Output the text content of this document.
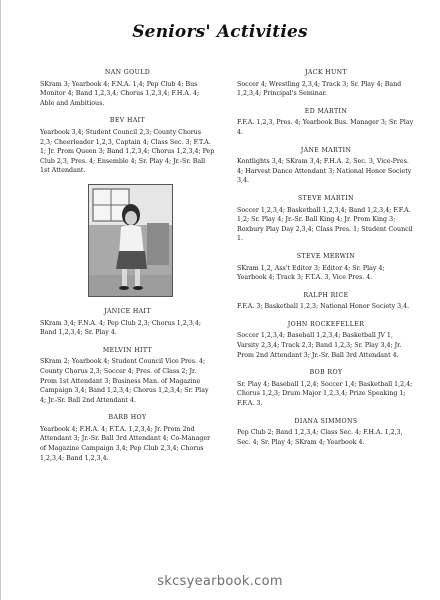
Seniors' Activities
NAN GOULD
SKram 3; Yearbook 4; F.N.A. 1,4; Pep Club 4; Bus Monitor 4; Band 1,2,3,4; Chorus 1,2,3,4; F.H.A. 4; Able and Ambitious.
BEV HAIT
Yearbook 3,4; Student Council 2,3; County Chorus 2,3; Cheerleader 1,2,3, Captain 4; Class Sec. 3; F.T.A. 1; Jr. Prom Queen 3; Band 1,2,3,4; Chorus 1,2,3,4; Pep Club 2,3, Pres. 4; Ensemble 4; Sr. Play 4; Jr.-Sr. Ball 1st Attendant.
JANICE HAIT
SKram 3,4; F.N.A. 4; Pep Club 2,3; Chorus 1,2,3,4; Band 1,2,3,4; Sr. Play 4.
MELVIN HITT
SKram 2; Yearbook 4; Student Council Vice Pres. 4; County Chorus 2,3; Soccer 4; Pres. of Class 2; Jr. Prom 1st Attendant 3; Business Man. of Magazine Campaign 3,4; Band 1,2,3,4; Chorus 1,2,3,4; Sr. Play 4; Jr.-Sr. Ball 2nd Attendant 4.
BARB HOY
Yearbook 4; F.H.A. 4; F.T.A. 1,2,3,4; Jr. Prom 2nd Attendant 3; Jr.-Sr. Ball 3rd Attendant 4; Co-Manager of Magazine Campaign 3,4; Pep Club 2,3,4; Chorus 1,2,3,4; Band 1,2,3,4.
JACK HUNT
Soccer 4; Wrestling 2,3,4; Track 3; Sr. Play 4; Band 1,2,3,4; Principal's Seminar.
ED MARTIN
F.F.A. 1,2,3, Pres. 4; Yearbook Bus. Manager 3; Sr. Play 4.
JANE MARTIN
Kontlights 3,4; SKram 3,4; F.H.A. 2, Sec. 3, Vice-Pres. 4; Harvest Dance Attendant 3; National Honor Society 3,4.
STEVE MARTIN
Soccer 1,2,3,4; Basketball 1,2,3,4; Band 1,2,3,4; F.F.A. 1,2; Sr. Play 4; Jr.-Sr. Ball King 4; Jr. Prom King 3; Roxbury Play Day 2,3,4; Class Pres. 1; Student Council 1.
STEVE MERWIN
SKram 1,2, Ass't Editor 3; Editor 4; Sr. Play 4; Yearbook 4; Track 3; F.T.A. 3, Vice Pres. 4.
RALPH RICE
F.F.A. 3; Basketball 1,2,3; National Honor Society 3,4.
JOHN ROCKEFELLER
Soccer 1,2,3,4; Baseball 1,2,3,4; Basketball JV 1, Varsity 2,3,4; Track 2,3; Band 1,2,3; Sr. Play 3,4; Jr. Prom 2nd Attendant 3; Jr.-Sr. Ball 3rd Attendant 4.
BOB ROY
Sr. Play 4; Baseball 1,2,4; Soccer 1,4; Basketball 1,2,4; Chorus 1,2,3; Drum Major 1,2,3,4; Prize Speaking 1; F.F.A. 3.
DIANA SIMMONS
Pep Club 2; Band 1,2,3,4; Class Sec. 4; F.H.A. 1,2,3, Sec. 4; Sr. Play 4; SKram 4; Yearbook 4.
skcsyearbook.com
